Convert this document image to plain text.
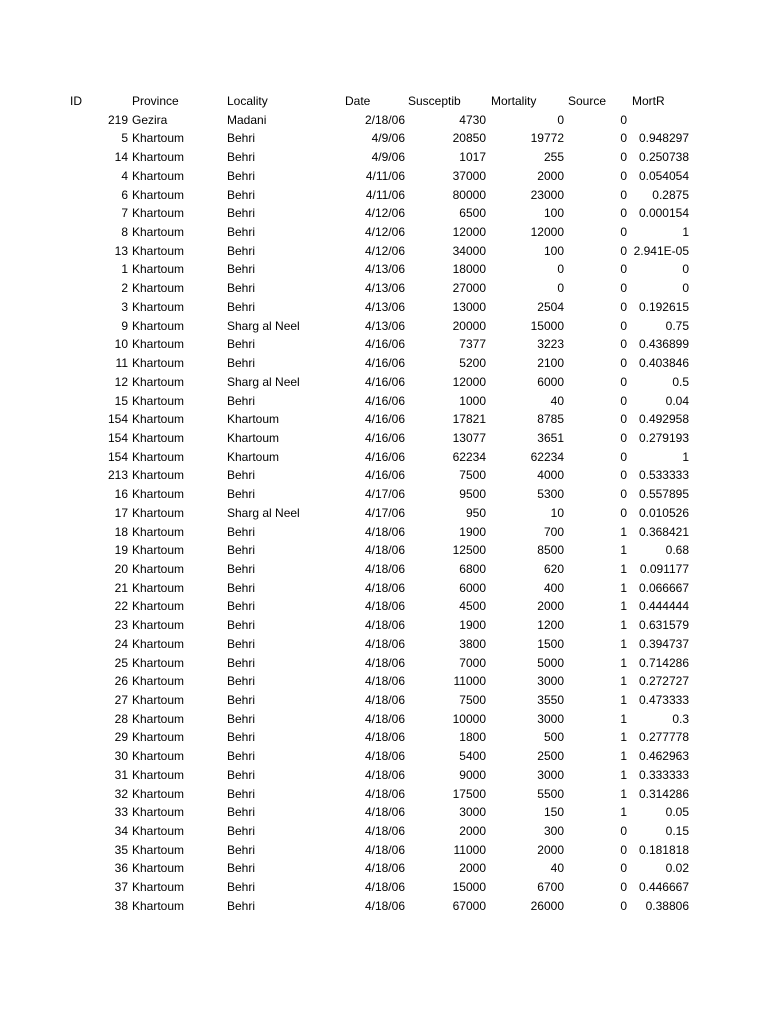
ID	Province	Locality	Date	Susceptib	Mortality	Source	MortR
219 Gezira	Madani	2/18/06	4730	0	0
5 Khartoum	Behri	4/9/06	20850	19772	0 0.948297
14 Khartoum	Behri	4/9/06	1017	255	0 0.250738
4 Khartoum	Behri	4/11/06	37000	2000	0 0.054054
6 Khartoum	Behri	4/11/06	80000	23000	0	0.2875
7 Khartoum	Behri	4/12/06	6500	100	0 0.000154
8 Khartoum	Behri	4/12/06	12000	12000	0	1
13 Khartoum	Behri	4/12/06	34000	100	0 2.941E-05
1 Khartoum	Behri	4/13/06	18000	0	0	0
2 Khartoum	Behri	4/13/06	27000	0	0	0
3 Khartoum	Behri	4/13/06	13000	2504	0 0.192615
9 Khartoum	Sharg al Neel	4/13/06	20000	15000	0	0.75
10 Khartoum	Behri	4/16/06	7377	3223	0 0.436899
11 Khartoum	Behri	4/16/06	5200	2100	0 0.403846
12 Khartoum	Sharg al Neel	4/16/06	12000	6000	0	0.5
15 Khartoum	Behri	4/16/06	1000	40	0	0.04
154 Khartoum	Khartoum	4/16/06	17821	8785	0 0.492958
154 Khartoum	Khartoum	4/16/06	13077	3651	0 0.279193
154 Khartoum	Khartoum	4/16/06	62234	62234	0	1
213 Khartoum	Behri	4/16/06	7500	4000	0 0.533333
16 Khartoum	Behri	4/17/06	9500	5300	0 0.557895
17 Khartoum	Sharg al Neel	4/17/06	950	10	0 0.010526
18 Khartoum	Behri	4/18/06	1900	700	1 0.368421
19 Khartoum	Behri	4/18/06	12500	8500	1	0.68
20 Khartoum	Behri	4/18/06	6800	620	1	0.091177
21 Khartoum	Behri	4/18/06	6000	400	1 0.066667
22 Khartoum	Behri	4/18/06	4500	2000	1 0.444444
23 Khartoum	Behri	4/18/06	1900	1200	1 0.631579
24 Khartoum	Behri	4/18/06	3800	1500	1 0.394737
25 Khartoum	Behri	4/18/06	7000	5000	1 0.714286
26 Khartoum	Behri	4/18/06	11000	3000	1 0.272727
27 Khartoum	Behri	4/18/06	7500	3550	1 0.473333
28 Khartoum	Behri	4/18/06	10000	3000	1	0.3
29 Khartoum	Behri	4/18/06	1800	500	1 0.277778
30 Khartoum	Behri	4/18/06	5400	2500	1 0.462963
31 Khartoum	Behri	4/18/06	9000	3000	1 0.333333
32 Khartoum	Behri	4/18/06	17500	5500	1 0.314286
33 Khartoum	Behri	4/18/06	3000	150	1	0.05
34 Khartoum	Behri	4/18/06	2000	300	0	0.15
35 Khartoum	Behri	4/18/06	11000	2000	0 0.181818
36 Khartoum	Behri	4/18/06	2000	40	0	0.02
37 Khartoum	Behri	4/18/06	15000	6700	0 0.446667
38 Khartoum	Behri	4/18/06	67000	26000	0	0.38806
